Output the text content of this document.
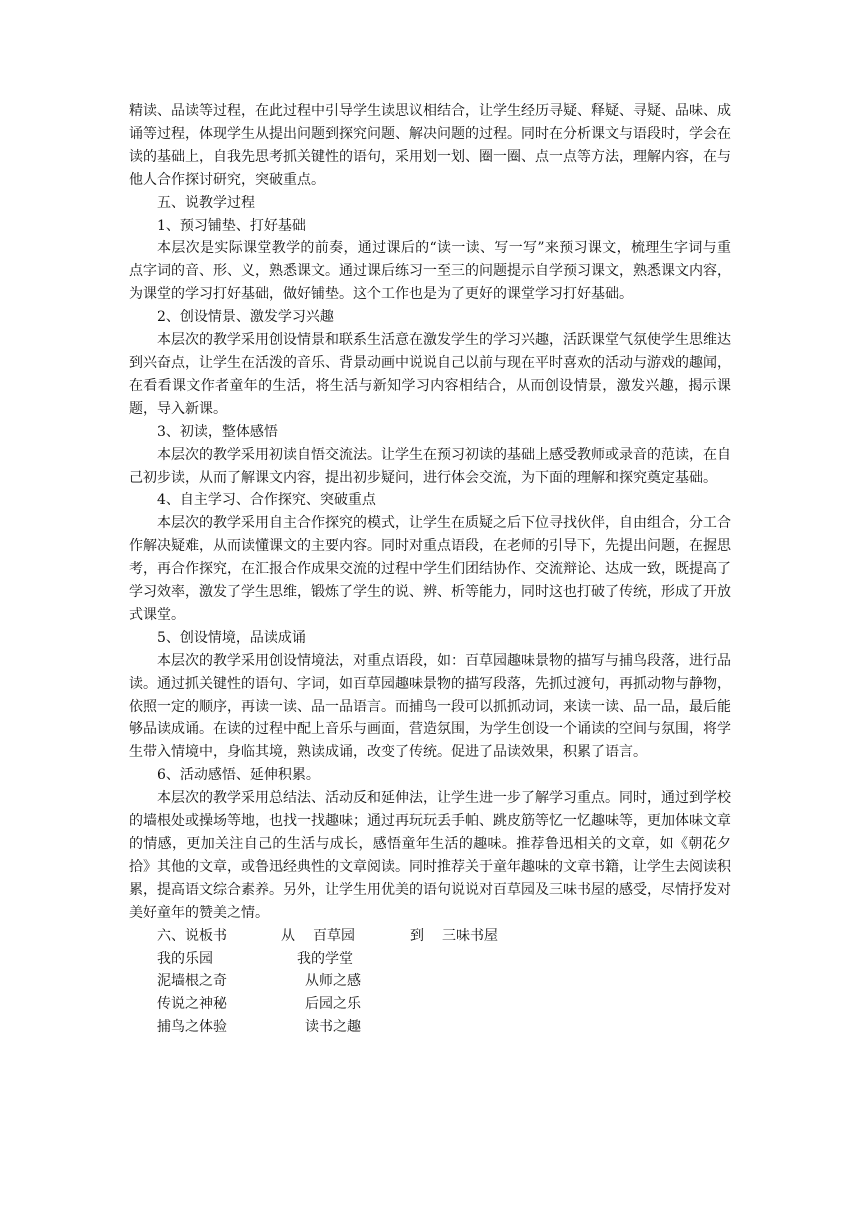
精读、品读等过程，在此过程中引导学生读思议相结合，让学生经历寻疑、释疑、寻疑、品味、成诵等过程，体现学生从提出问题到探究问题、解决问题的过程。同时在分析课文与语段时，学会在读的基础上，自我先思考抓关键性的语句，采用划一划、圈一圈、点一点等方法，理解内容，在与他人合作探讨研究，突破重点。

五、说教学过程

1、预习铺垫、打好基础

本层次是实际课堂教学的前奏，通过课后的“读一读、写一写”来预习课文，梳理生字词与重点字词的音、形、义，熟悉课文。通过课后练习一至三的问题提示自学预习课文，熟悉课文内容，为课堂的学习打好基础，做好铺垫。这个工作也是为了更好的课堂学习打好基础。

2、创设情景、激发学习兴趣

本层次的教学采用创设情景和联系生活意在激发学生的学习兴趣，活跃课堂气氛使学生思维达到兴奋点，让学生在活泼的音乐、背景动画中说说自己以前与现在平时喜欢的活动与游戏的趣闻，在看看课文作者童年的生活，将生活与新知学习内容相结合，从而创设情景，激发兴趣，揭示课题，导入新课。

3、初读，整体感悟

本层次的教学采用初读自悟交流法。让学生在预习初读的基础上感受教师或录音的范读，在自己初步读，从而了解课文内容，提出初步疑问，进行体会交流，为下面的理解和探究奠定基础。

4、自主学习、合作探究、突破重点

本层次的教学采用自主合作探究的模式，让学生在质疑之后下位寻找伙伴，自由组合，分工合作解决疑难，从而读懂课文的主要内容。同时对重点语段，在老师的引导下，先提出问题，在握思考，再合作探究，在汇报合作成果交流的过程中学生们团结协作、交流辩论、达成一致，既提高了学习效率，激发了学生思维，锻炼了学生的说、辨、析等能力，同时这也打破了传统，形成了开放式课堂。

5、创设情境，品读成诵

本层次的教学采用创设情境法，对重点语段，如：百草园趣味景物的描写与捕鸟段落，进行品读。通过抓关键性的语句、字词，如百草园趣味景物的描写段落，先抓过渡句，再抓动物与静物，依照一定的顺序，再读一读、品一品语言。而捕鸟一段可以抓抓动词，来读一读、品一品，最后能够品读成诵。在读的过程中配上音乐与画面，营造氛围，为学生创设一个诵读的空间与氛围，将学生带入情境中，身临其境，熟读成诵，改变了传统。促进了品读效果，积累了语言。

6、活动感悟、延伸积累。

本层次的教学采用总结法、活动反和延伸法，让学生进一步了解学习重点。同时，通过到学校的墙根处或操场等地，也找一找趣味；通过再玩玩丢手帕、跳皮筋等忆一忆趣味等，更加体味文章的情感，更加关注自己的生活与成长，感悟童年生活的趣味。推荐鲁迅相关的文章，如《朝花夕拾》其他的文章，或鲁迅经典性的文章阅读。同时推荐关于童年趣味的文章书籍，让学生去阅读积累，提高语文综合素养。另外，让学生用优美的语句说说对百草园及三味书屋的感受，尽情抒发对美好童年的赞美之情。

六、说板书	从 百草园	到 三味书屋
我的乐园	我的学堂
泥墙根之奇	从师之感
传说之神秘	后园之乐
捕鸟之体验	读书之趣
